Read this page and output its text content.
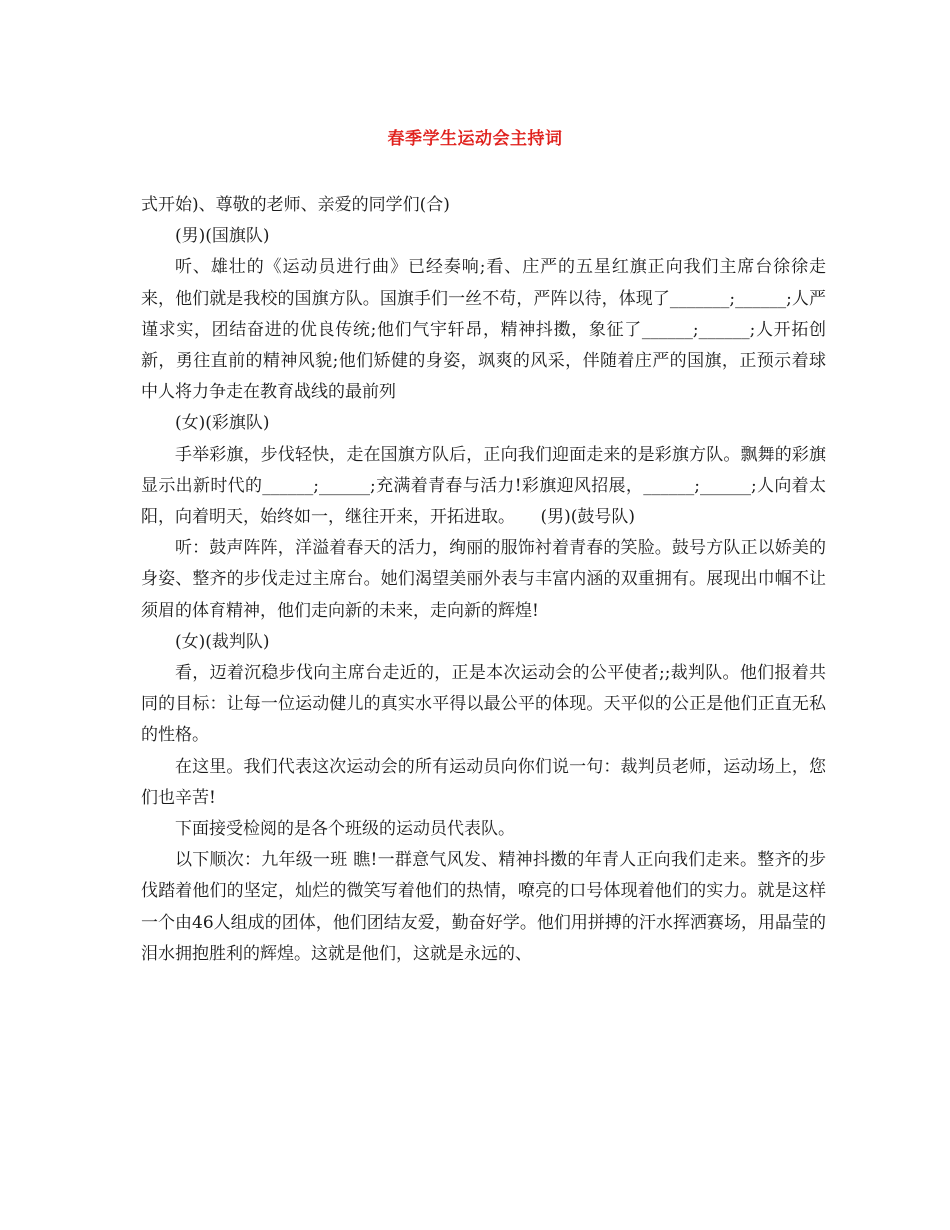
春季学生运动会主持词

式开始)、尊敬的老师、亲爱的同学们(合)

(男)(国旗队)

听、雄壮的《运动员进行曲》已经奏响;看、庄严的五星红旗正向我们主席台徐徐走来，他们就是我校的国旗方队。国旗手们一丝不苟，严阵以待，体现了_______;______;人严谨求实，团结奋进的优良传统;他们气宇轩昂，精神抖擞，象征了______;______;人开拓创新，勇往直前的精神风貌;他们矫健的身姿，飒爽的风采，伴随着庄严的国旗，正预示着球中人将力争走在教育战线的最前列

(女)(彩旗队)

手举彩旗，步伐轻快，走在国旗方队后，正向我们迎面走来的是彩旗方队。飘舞的彩旗显示出新时代的______;______;充满着青春与活力!彩旗迎风招展，______;______;人向着太阳，向着明天，始终如一，继往开来，开拓进取。　　(男)(鼓号队)

听：鼓声阵阵，洋溢着春天的活力，绚丽的服饰衬着青春的笑脸。鼓号方队正以娇美的身姿、整齐的步伐走过主席台。她们渴望美丽外表与丰富内涵的双重拥有。展现出巾帼不让须眉的体育精神，他们走向新的未来，走向新的辉煌!

(女)(裁判队)

看，迈着沉稳步伐向主席台走近的，正是本次运动会的公平使者;;裁判队。他们报着共同的目标：让每一位运动健儿的真实水平得以最公平的体现。天平似的公正是他们正直无私的性格。

在这里。我们代表这次运动会的所有运动员向你们说一句：裁判员老师，运动场上，您们也辛苦!

下面接受检阅的是各个班级的运动员代表队。

以下顺次：九年级一班 瞧!一群意气风发、精神抖擞的年青人正向我们走来。整齐的步伐踏着他们的坚定，灿烂的微笑写着他们的热情，嘹亮的口号体现着他们的实力。就是这样一个由46人组成的团体，他们团结友爱，勤奋好学。他们用拼搏的汗水挥洒赛场，用晶莹的泪水拥抱胜利的辉煌。这就是他们，这就是永远的、
